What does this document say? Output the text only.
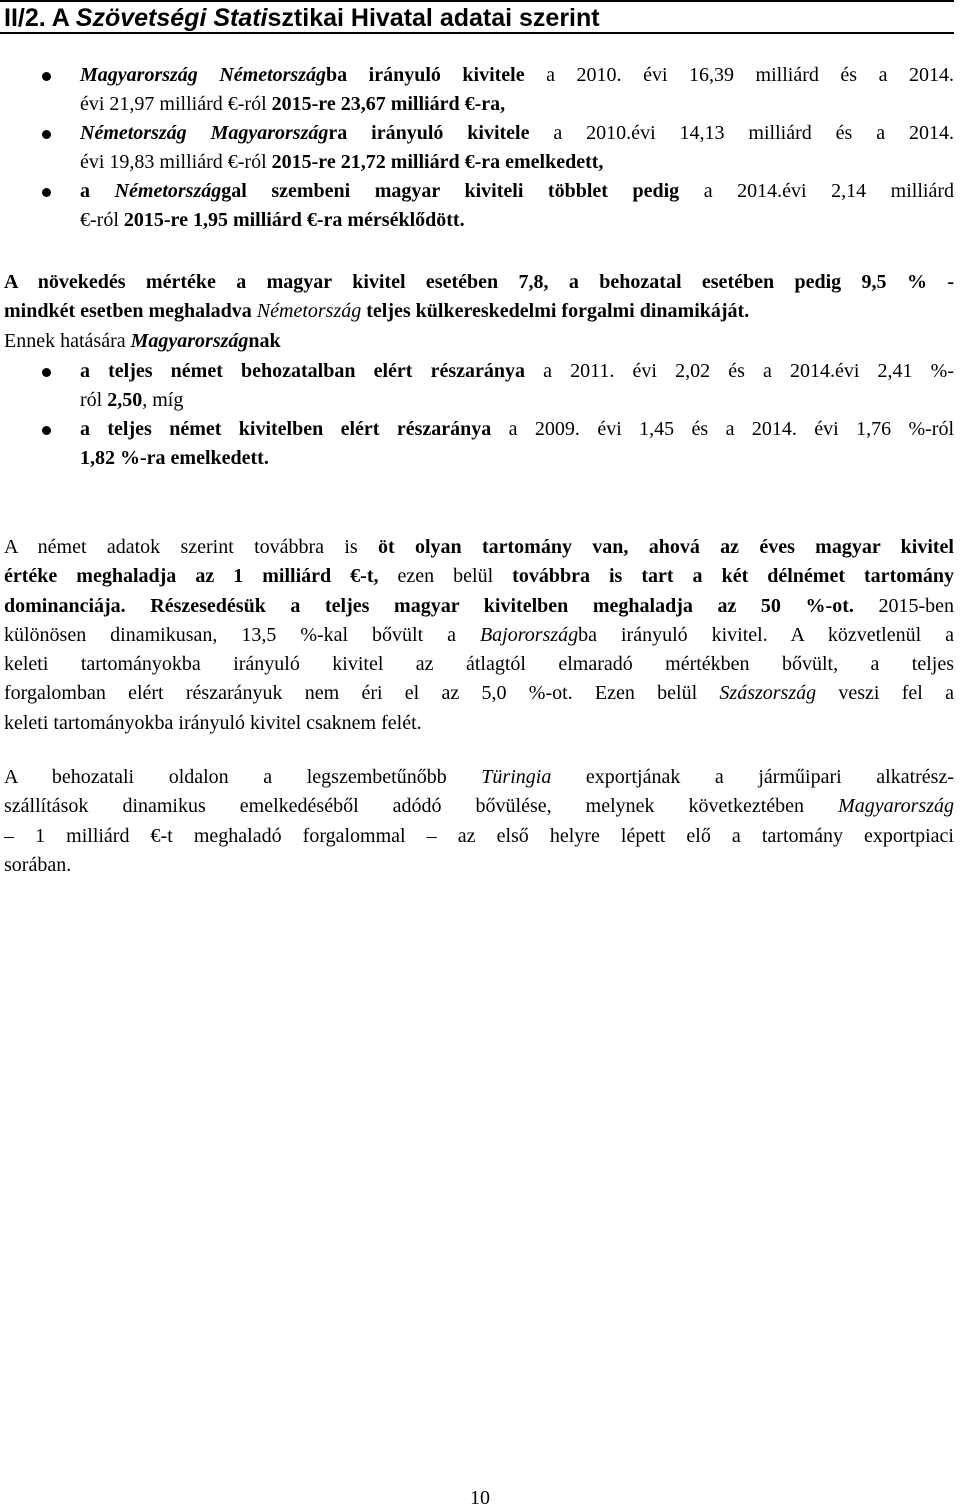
II/2. A Szövetségi Statisztikai Hivatal adatai szerint
Magyarország Németországba irányuló kivitele a 2010. évi 16,39 milliárd és a 2014.
évi 21,97 milliárd €-ról 2015-re 23,67 milliárd €-ra,
Németország Magyarországra irányuló kivitele a 2010.évi 14,13 milliárd és a 2014.
évi 19,83 milliárd €-ról 2015-re 21,72 milliárd €-ra emelkedett,
a Németországgal szembeni magyar kiviteli többlet pedig a 2014.évi 2,14 milliárd
€-ról 2015-re 1,95 milliárd €-ra mérséklődött.

A növekedés mértéke a magyar kivitel esetében 7,8, a behozatal esetében pedig 9,5 % -
mindkét esetben meghaladva Németország teljes külkereskedelmi forgalmi dinamikáját.

Ennek hatására Magyarországnak

a teljes német behozatalban elért részaránya a 2011. évi 2,02 és a 2014.évi 2,41 %-
ról 2,50, míg
a teljes német kivitelben elért részaránya a 2009. évi 1,45 és a 2014. évi 1,76 %-ról
1,82 %-ra emelkedett.

A német adatok szerint továbbra is öt olyan tartomány van, ahová az éves magyar kivitel
értéke meghaladja az 1 milliárd €-t, ezen belül továbbra is tart a két délnémet tartomány
dominanciája. Részesedésük a teljes magyar kivitelben meghaladja az 50 %-ot. 2015-ben
különösen dinamikusan, 13,5 %-kal bővült a Bajorországba irányuló kivitel. A közvetlenül a
keleti tartományokba irányuló kivitel az átlagtól elmaradó mértékben bővült, a teljes
forgalomban elért részarányuk nem éri el az 5,0 %-ot. Ezen belül Szászország veszi fel a
keleti tartományokba irányuló kivitel csaknem felét.

A behozatali oldalon a legszembetűnőbb Türingia exportjának a járműipari alkatrész-
szállítások dinamikus emelkedéséből adódó bővülése, melynek következtében Magyarország
– 1 milliárd €-t meghaladó forgalommal – az első helyre lépett elő a tartomány exportpiaci
sorában.

10
